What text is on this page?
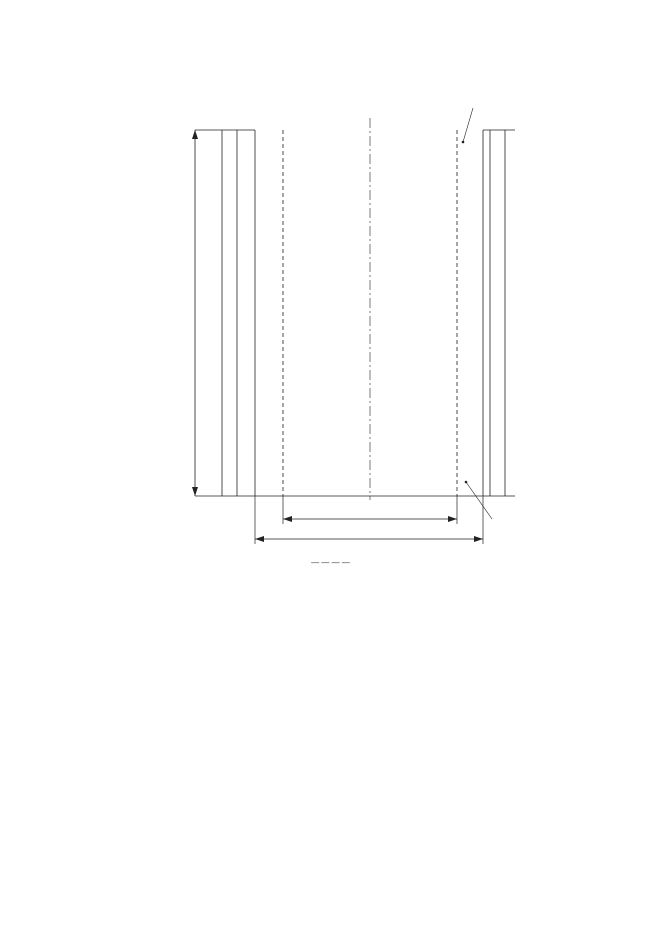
— — — —
